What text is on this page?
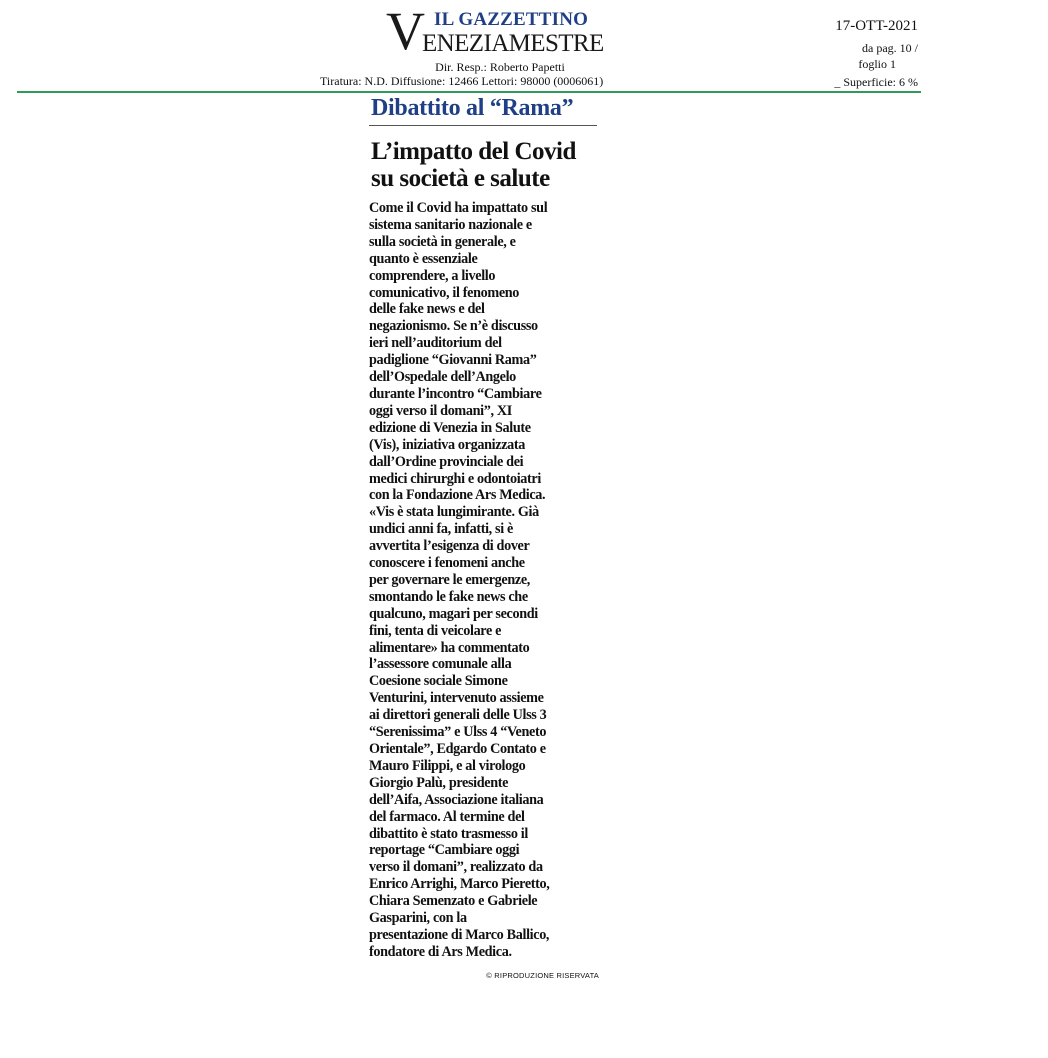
V IL GAZZETTINO
ENEZIAMESTRE
Dir. Resp.: Roberto Papetti
Tiratura: N.D. Diffusione: 12466 Lettori: 98000 (0006061)
17-OTT-2021
da pag. 10 /
foglio 1
_ Superficie: 6 %
Dibattito al “Rama”
L’impatto del Covid
su società e salute
Come il Covid ha impattato sul
sistema sanitario nazionale e
sulla società in generale, e
quanto è essenziale
comprendere, a livello
comunicativo, il fenomeno
delle fake news e del
negazionismo. Se n’è discusso
ieri nell’auditorium del
padiglione “Giovanni Rama”
dell’Ospedale dell’Angelo
durante l’incontro “Cambiare
oggi verso il domani”, XI
edizione di Venezia in Salute
(Vis), iniziativa organizzata
dall’Ordine provinciale dei
medici chirurghi e odontoiatri
con la Fondazione Ars Medica.
«Vis è stata lungimirante. Già
undici anni fa, infatti, si è
avvertita l’esigenza di dover
conoscere i fenomeni anche
per governare le emergenze,
smontando le fake news che
qualcuno, magari per secondi
fini, tenta di veicolare e
alimentare» ha commentato
l’assessore comunale alla
Coesione sociale Simone
Venturini, intervenuto assieme
ai direttori generali delle Ulss 3
“Serenissima” e Ulss 4 “Veneto
Orientale”, Edgardo Contato e
Mauro Filippi, e al virologo
Giorgio Palù, presidente
dell’Aifa, Associazione italiana
del farmaco. Al termine del
dibattito è stato trasmesso il
reportage “Cambiare oggi
verso il domani”, realizzato da
Enrico Arrighi, Marco Pieretto,
Chiara Semenzato e Gabriele
Gasparini, con la
presentazione di Marco Ballico,
fondatore di Ars Medica.
© RIPRODUZIONE RISERVATA
